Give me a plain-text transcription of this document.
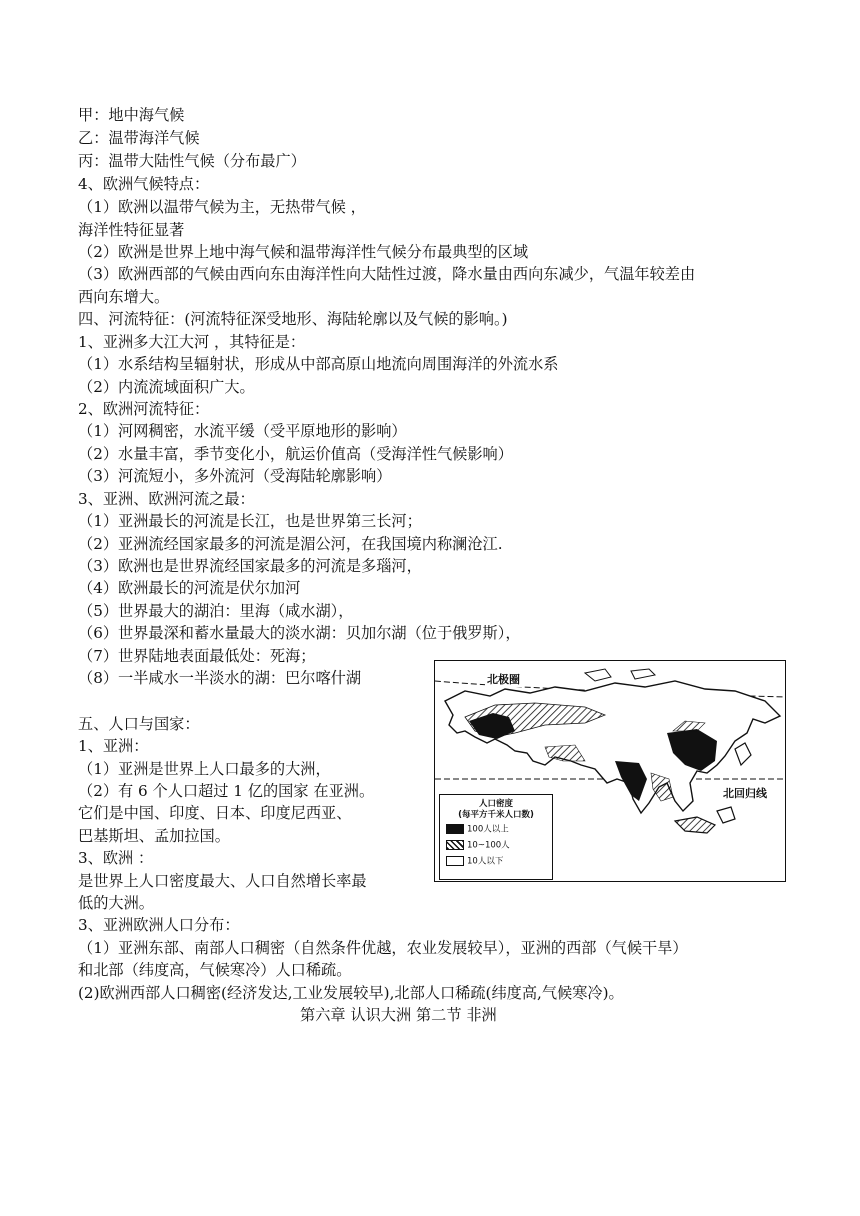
甲：地中海气候
乙：温带海洋气候
丙：温带大陆性气候（分布最广）
4、欧洲气候特点：
（1）欧洲以温带气候为主，无热带气候 ，
海洋性特征显著
（2）欧洲是世界上地中海气候和温带海洋性气候分布最典型的区域
（3）欧洲西部的气候由西向东由海洋性向大陆性过渡，降水量由西向东减少，气温年较差由
西向东增大。
四、河流特征：(河流特征深受地形、海陆轮廓以及气候的影响。)
1、亚洲多大江大河 ，其特征是：
（1）水系结构呈辐射状，形成从中部高原山地流向周围海洋的外流水系
（2）内流流域面积广大。
2、欧洲河流特征：
（1）河网稠密，水流平缓（受平原地形的影响）
（2）水量丰富，季节变化小，航运价值高（受海洋性气候影响）
（3）河流短小，多外流河（受海陆轮廓影响）
3、亚洲、欧洲河流之最：
（1）亚洲最长的河流是长江，也是世界第三长河；
（2）亚洲流经国家最多的河流是湄公河，在我国境内称澜沧江.
（3）欧洲也是世界流经国家最多的河流是多瑙河，
（4）欧洲最长的河流是伏尔加河
（5）世界最大的湖泊：里海（咸水湖），
（6）世界最深和蓄水量最大的淡水湖：贝加尔湖（位于俄罗斯），
（7）世界陆地表面最低处：死海；
（8）一半咸水一半淡水的湖：巴尔喀什湖
五、人口与国家：
1、亚洲：
（1）亚洲是世界上人口最多的大洲，
（2）有 6 个人口超过 1 亿的国家 在亚洲。
它们是中国、印度、日本、印度尼西亚、
巴基斯坦、孟加拉国。
3、欧洲 ：
是世界上人口密度最大、人口自然增长率最
低的大洲。
3、亚洲欧洲人口分布：
（1）亚洲东部、南部人口稠密（自然条件优越，农业发展较早），亚洲的西部（气候干旱）
和北部（纬度高，气候寒冷）人口稀疏。
(2)欧洲西部人口稠密(经济发达,工业发展较早),北部人口稀疏(纬度高,气候寒冷)。
第六章 认识大洲 第二节 非洲
北极圈
北回归线
人口密度
(每平方千米人口数)
100人以上
10~100人
10人以下
